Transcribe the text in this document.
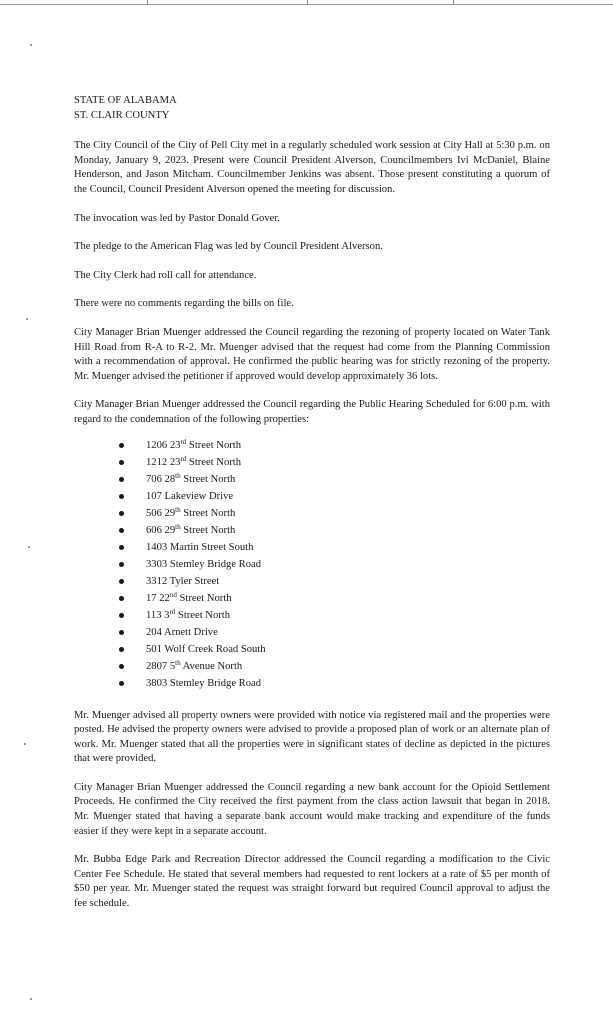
STATE OF ALABAMA
ST. CLAIR COUNTY

The City Council of the City of Pell City met in a regularly scheduled work session at City Hall at 5:30 p.m. on Monday, January 9, 2023. Present were Council President Alverson, Councilmembers Ivi McDaniel, Blaine Henderson, and Jason Mitcham. Councilmember Jenkins was absent. Those present constituting a quorum of the Council, Council President Alverson opened the meeting for discussion.

The invocation was led by Pastor Donald Gover.

The pledge to the American Flag was led by Council President Alverson.

The City Clerk had roll call for attendance.

There were no comments regarding the bills on file.

City Manager Brian Muenger addressed the Council regarding the rezoning of property located on Water Tank Hill Road from R-A to R-2. Mr. Muenger advised that the request had come from the Planning Commission with a recommendation of approval. He confirmed the public hearing was for strictly rezoning of the property. Mr. Muenger advised the petitioner if approved would develop approximately 36 lots.

City Manager Brian Muenger addressed the Council regarding the Public Hearing Scheduled for 6:00 p.m. with regard to the condemnation of the following properties:

1206 23rd Street North
1212 23rd Street North
706 28th Street North
107 Lakeview Drive
506 29th Street North
606 29th Street North
1403 Martin Street South
3303 Stemley Bridge Road
3312 Tyler Street
17 22nd Street North
113 3rd Street North
204 Arnett Drive
501 Wolf Creek Road South
2807 5th Avenue North
3803 Stemley Bridge Road

Mr. Muenger advised all property owners were provided with notice via registered mail and the properties were posted. He advised the property owners were advised to provide a proposed plan of work or an alternate plan of work. Mr. Muenger stated that all the properties were in significant states of decline as depicted in the pictures that were provided.

City Manager Brian Muenger addressed the Council regarding a new bank account for the Opioid Settlement Proceeds. He confirmed the City received the first payment from the class action lawsuit that began in 2018. Mr. Muenger stated that having a separate bank account would make tracking and expenditure of the funds easier if they were kept in a separate account.

Mr. Bubba Edge Park and Recreation Director addressed the Council regarding a modification to the Civic Center Fee Schedule. He stated that several members had requested to rent lockers at a rate of $5 per month of $50 per year. Mr. Muenger stated the request was straight forward but required Council approval to adjust the fee schedule.
